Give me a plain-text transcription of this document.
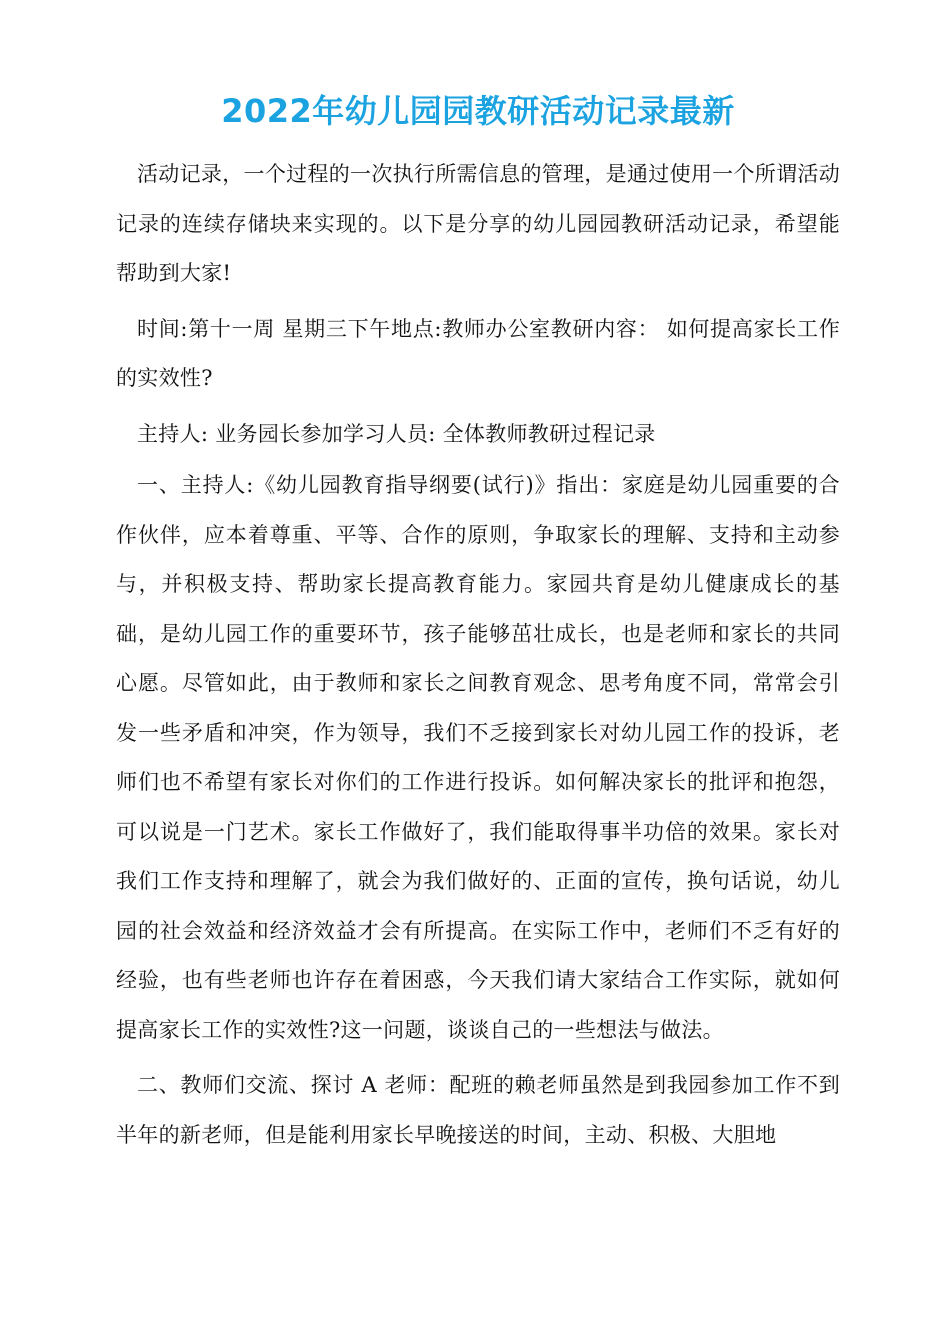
2022年幼儿园园教研活动记录最新

活动记录，一个过程的一次执行所需信息的管理，是通过使用一个所谓活动记录的连续存储块来实现的。以下是分享的幼儿园园教研活动记录，希望能帮助到大家!

时间:第十一周 星期三下午地点:教师办公室教研内容： 如何提高家长工作的实效性?

主持人: 业务园长参加学习人员: 全体教师教研过程记录

一、主持人:《幼儿园教育指导纲要(试行)》指出：家庭是幼儿园重要的合作伙伴，应本着尊重、平等、合作的原则，争取家长的理解、支持和主动参与，并积极支持、帮助家长提高教育能力。家园共育是幼儿健康成长的基础，是幼儿园工作的重要环节，孩子能够茁壮成长，也是老师和家长的共同心愿。尽管如此，由于教师和家长之间教育观念、思考角度不同，常常会引发一些矛盾和冲突，作为领导，我们不乏接到家长对幼儿园工作的投诉，老师们也不希望有家长对你们的工作进行投诉。如何解决家长的批评和抱怨，可以说是一门艺术。家长工作做好了，我们能取得事半功倍的效果。家长对我们工作支持和理解了，就会为我们做好的、正面的宣传，换句话说，幼儿园的社会效益和经济效益才会有所提高。在实际工作中，老师们不乏有好的经验，也有些老师也许存在着困惑，今天我们请大家结合工作实际，就如何提高家长工作的实效性?这一问题，谈谈自己的一些想法与做法。

二、教师们交流、探讨 A 老师：配班的赖老师虽然是到我园参加工作不到半年的新老师，但是能利用家长早晚接送的时间，主动、积极、大胆地
